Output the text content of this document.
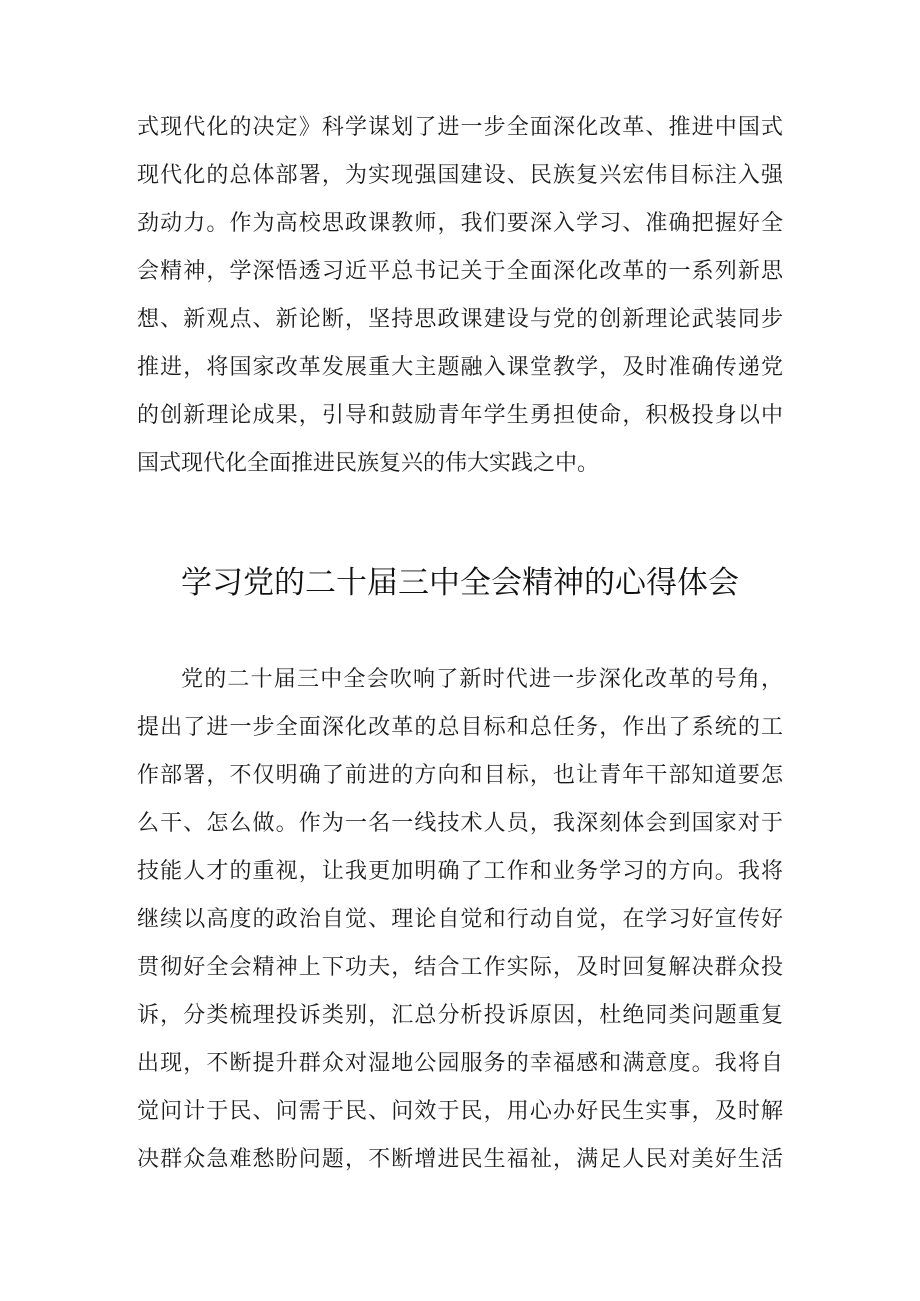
式现代化的决定》科学谋划了进一步全面深化改革、推进中国式
现代化的总体部署，为实现强国建设、民族复兴宏伟目标注入强
劲动力。作为高校思政课教师，我们要深入学习、准确把握好全
会精神，学深悟透习近平总书记关于全面深化改革的一系列新思
想、新观点、新论断，坚持思政课建设与党的创新理论武装同步
推进，将国家改革发展重大主题融入课堂教学，及时准确传递党
的创新理论成果，引导和鼓励青年学生勇担使命，积极投身以中
国式现代化全面推进民族复兴的伟大实践之中。
学习党的二十届三中全会精神的心得体会
党的二十届三中全会吹响了新时代进一步深化改革的号角，
提出了进一步全面深化改革的总目标和总任务，作出了系统的工
作部署，不仅明确了前进的方向和目标，也让青年干部知道要怎
么干、怎么做。作为一名一线技术人员，我深刻体会到国家对于
技能人才的重视，让我更加明确了工作和业务学习的方向。我将
继续以高度的政治自觉、理论自觉和行动自觉，在学习好宣传好
贯彻好全会精神上下功夫，结合工作实际，及时回复解决群众投
诉，分类梳理投诉类别，汇总分析投诉原因，杜绝同类问题重复
出现，不断提升群众对湿地公园服务的幸福感和满意度。我将自
觉问计于民、问需于民、问效于民，用心办好民生实事，及时解
决群众急难愁盼问题，不断增进民生福祉，满足人民对美好生活
